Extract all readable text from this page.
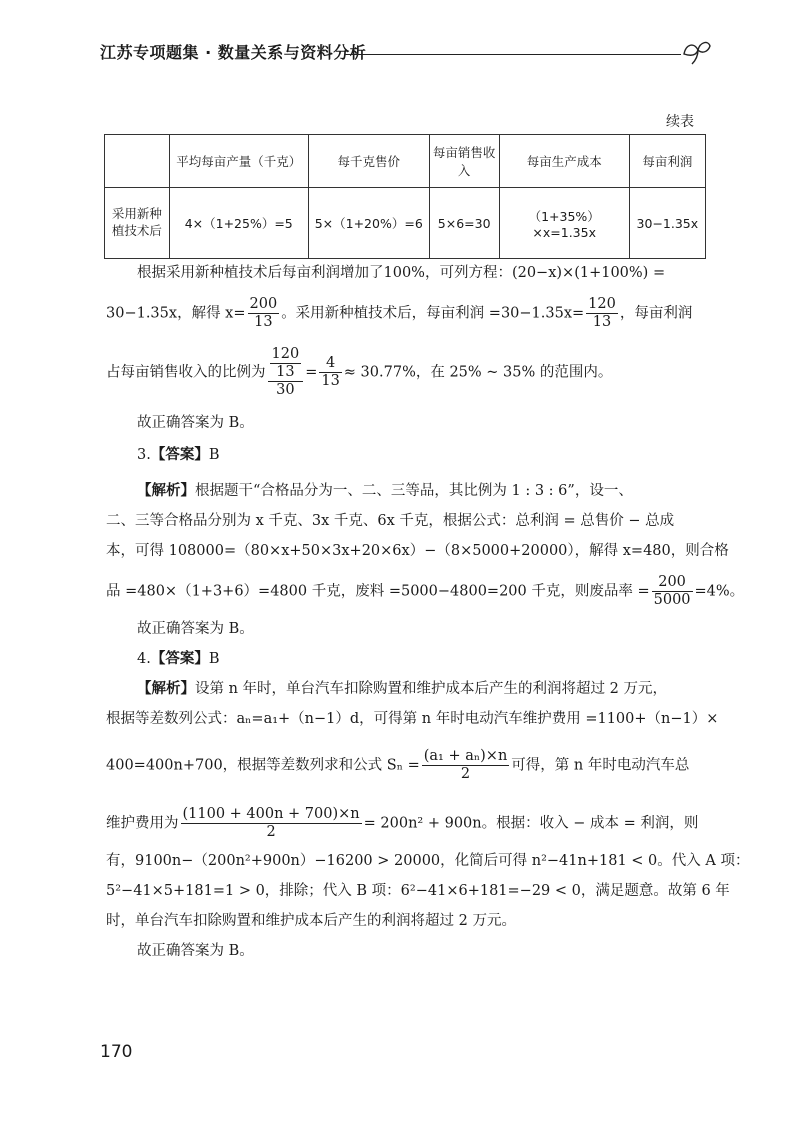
江苏专项题集 · 数量关系与资料分析
续表
	平均每亩产量（千克）	每千克售价	每亩销售收入	每亩生产成本	每亩利润
采用新种植技术后	4×（1+25%）=5	5×（1+20%）=6	5×6=30	（1+35%）×x=1.35x	30−1.35x
根据采用新种植技术后每亩利润增加了100%，可列方程：(20−x)×(1+100%) =
30−1.35x，解得 $x= \frac{200}{13}$ 。采用新种植技术后，每亩利润 $=30-1.35x= \frac{120}{13}$ ，每亩利润
占每亩销售收入的比例为 $\frac{\frac{120}{13}}{30} = \frac{4}{13} \approx 30.77\%$，在 25% ~ 35% 的范围内。
故正确答案为 B。
3.【答案】B
【解析】根据题干“合格品分为一、二、三等品，其比例为 1 : 3 : 6”，设一、
二、三等合格品分别为 x 千克、3x 千克、6x 千克，根据公式：总利润 = 总售价 − 总成
本，可得 108000=（80×x+50×3x+20×6x）−（8×5000+20000），解得 x=480，则合格
品 =480×（1+3+6）=4800 千克，废料 =5000−4800=200 千克，则废品率 = $\frac{200}{5000} =4\%$。
故正确答案为 B。
4.【答案】B
【解析】设第 n 年时，单台汽车扣除购置和维护成本后产生的利润将超过 2 万元，
根据等差数列公式：aₙ=a₁+（n−1）d，可得第 n 年时电动汽车维护费用 =1100+（n−1）×
400=400n+700，根据等差数列求和公式 $S_n = \frac{\text{(a₁ + aₙ)×n}}{2}$ 可得，第 n 年时电动汽车总
维护费用为 $\frac{(1100 + 400n + 700)\times n}{2} = 200n^2 + 900n$。根据：收入 − 成本 = 利润，则
有，9100n−（200n²+900n）−16200 > 20000，化简后可得 n²−41n+181 < 0。代入 A 项：
5²−41×5+181=1 > 0，排除；代入 B 项：6²−41×6+181=−29 < 0，满足题意。故第 6 年
时，单台汽车扣除购置和维护成本后产生的利润将超过 2 万元。
故正确答案为 B。
170
